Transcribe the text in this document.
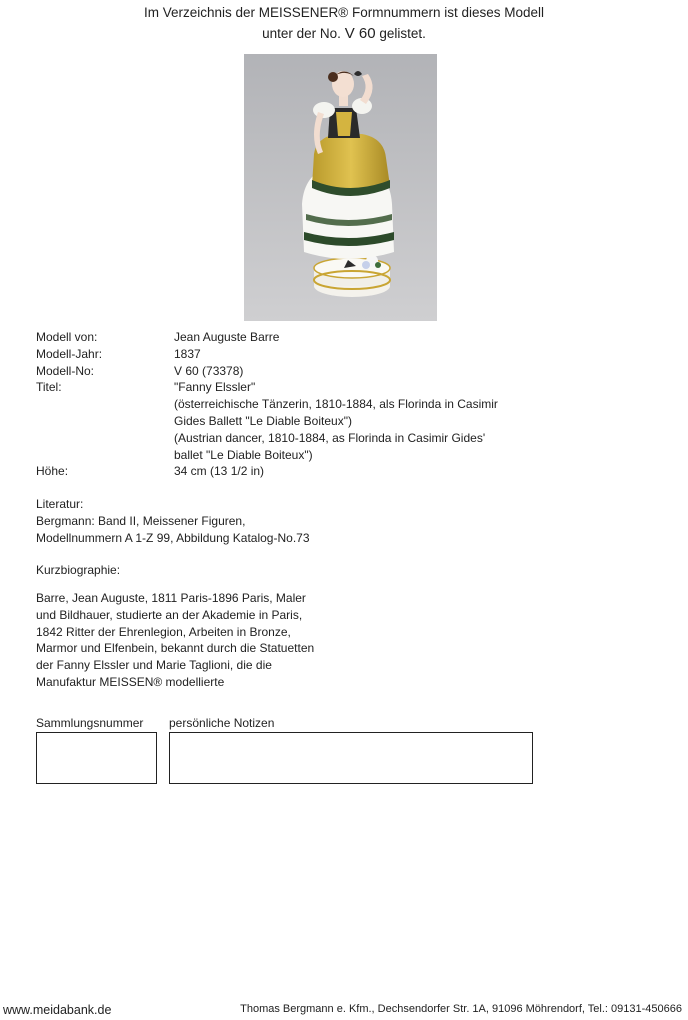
Im Verzeichnis der MEISSENER® Formnummern ist dieses Modell
unter der No. V 60 gelistet.
Modell von:	Jean Auguste Barre
Modell-Jahr:	1837
Modell-No:	V 60 (73378)
Titel:	"Fanny Elssler"
(österreichische Tänzerin, 1810-1884, als Florinda in Casimir
Gides Ballett "Le Diable Boiteux")
(Austrian dancer, 1810-1884, as Florinda in Casimir Gides'
ballet "Le Diable Boiteux")
Höhe:	34 cm (13 1/2 in)
Literatur:
Bergmann: Band II, Meissener Figuren,
Modellnummern A 1-Z 99, Abbildung Katalog-No.73
Kurzbiographie:
Barre, Jean Auguste, 1811 Paris-1896 Paris, Maler
und Bildhauer, studierte an der Akademie in Paris,
1842 Ritter der Ehrenlegion, Arbeiten in Bronze,
Marmor und Elfenbein, bekannt durch die Statuetten
der Fanny Elssler und Marie Taglioni, die die
Manufaktur MEISSEN® modellierte
Sammlungsnummer persönliche Notizen
www.meidabank.de	Thomas Bergmann e. Kfm., Dechsendorfer Str. 1A, 91096 Möhrendorf, Tel.: 09131-450666
